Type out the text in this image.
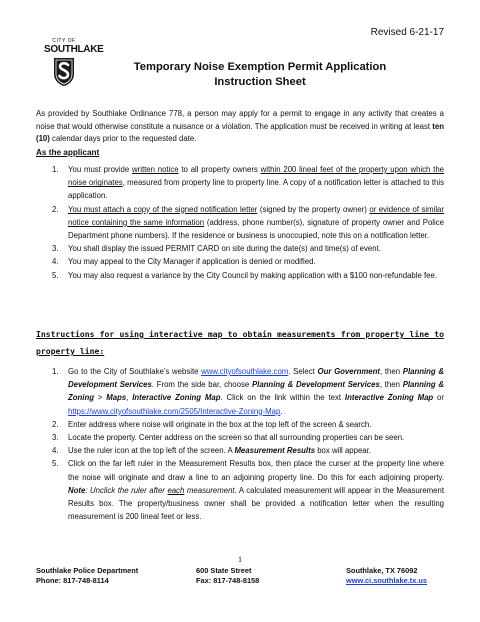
Revised 6-21-17
CITY OF
SOUTHLAKE
Temporary Noise Exemption Permit Application
Instruction Sheet
As provided by Southlake Ordinance 778, a person may apply for a permit to engage in any activity that creates a noise that would otherwise constitute a nuisance or a violation. The application must be received in writing at least ten (10) calendar days prior to the requested date.
As the applicant
1. You must provide written notice to all property owners within 200 lineal feet of the property upon which the noise originates, measured from property line to property line. A copy of a notification letter is attached to this application.
2. You must attach a copy of the signed notification letter (signed by the property owner) or evidence of similar notice containing the same information (address, phone number(s), signature of property owner and Police Department phone numbers). If the residence or business is unoccupied, note this on a notification letter.
3. You shall display the issued PERMIT CARD on site during the date(s) and time(s) of event.
4. You may appeal to the City Manager if application is denied or modified.
5. You may also request a variance by the City Council by making application with a $100 non-refundable fee.
Instructions for using interactive map to obtain measurements from property line to property line:
1. Go to the City of Southlake’s website www.cityofsouthlake.com. Select Our Government, then Planning & Development Services. From the side bar, choose Planning & Development Services, then Planning & Zoning > Maps, Interactive Zoning Map. Click on the link within the text Interactive Zoning Map or https://www.cityofsouthlake.com/2505/Interactive-Zoning-Map.
2. Enter address where noise will originate in the box at the top left of the screen & search.
3. Locate the property. Center address on the screen so that all surrounding properties can be seen.
4. Use the ruler icon at the top left of the screen. A Measurement Results box will appear.
5. Click on the far left ruler in the Measurement Results box, then place the curser at the property line where the noise will originate and draw a line to an adjoining property line. Do this for each adjoining property. Note: Unclick the ruler after each measurement. A calculated measurement will appear in the Measurement Results box. The property/business owner shall be provided a notification letter when the resulting measurement is 200 lineal feet or less.
1
Southlake Police Department
Phone: 817-748-8114
600 State Street
Fax: 817-748-8158
Southlake, TX 76092
www.ci.southlake.tx.us
